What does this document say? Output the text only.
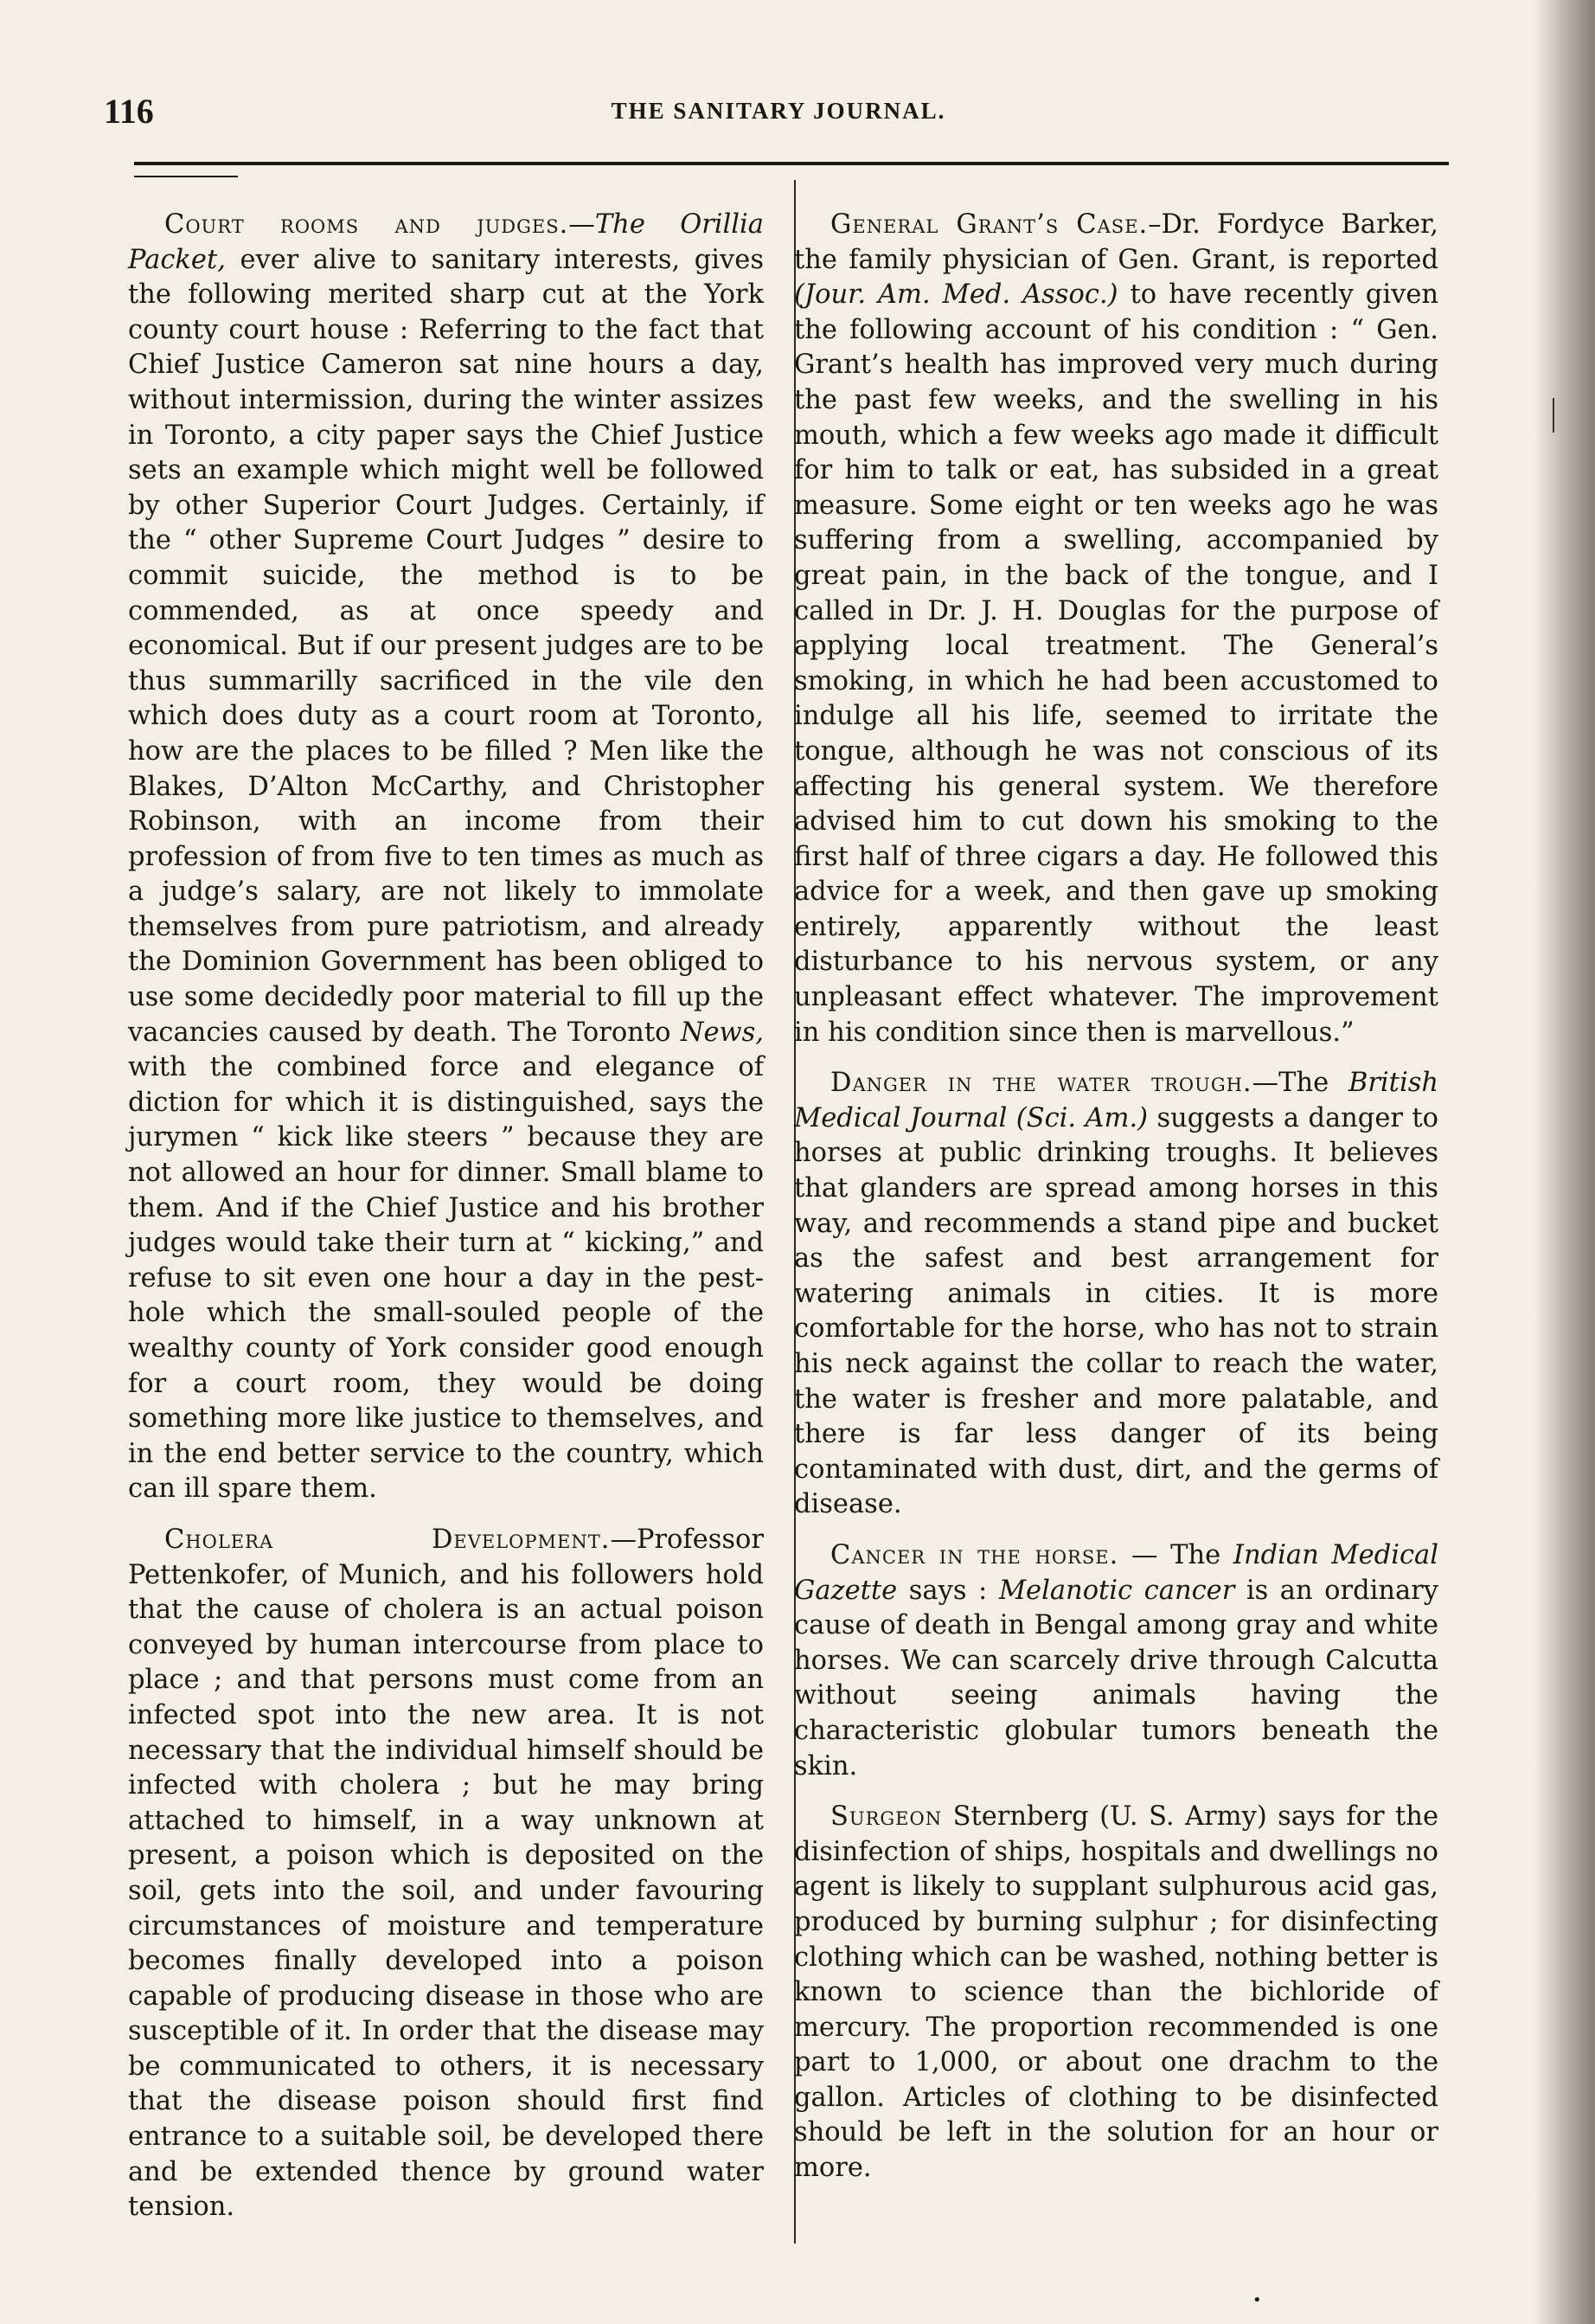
116	THE SANITARY JOURNAL.

Court rooms and judges.—The Orillia Packet, ever alive to sanitary interests, gives the following merited sharp cut at the York county court house : Referring to the fact that Chief Justice Cameron sat nine hours a day, without intermission, during the winter assizes in Toronto, a city paper says the Chief Justice sets an example which might well be followed by other Superior Court Judges. Certainly, if the “ other Supreme Court Judges ” desire to commit suicide, the method is to be commended, as at once speedy and economical. But if our present judges are to be thus summarilly sacrificed in the vile den which does duty as a court room at Toronto, how are the places to be filled ? Men like the Blakes, D’Alton McCarthy, and Christopher Robinson, with an income from their profession of from five to ten times as much as a judge’s salary, are not likely to immolate themselves from pure patriotism, and already the Dominion Government has been obliged to use some decidedly poor material to fill up the vacancies caused by death. The Toronto News, with the combined force and elegance of diction for which it is distinguished, says the jurymen “ kick like steers ” because they are not allowed an hour for dinner. Small blame to them. And if the Chief Justice and his brother judges would take their turn at “ kicking,” and refuse to sit even one hour a day in the pest-hole which the small-souled people of the wealthy county of York consider good enough for a court room, they would be doing something more like justice to themselves, and in the end better service to the country, which can ill spare them.

Cholera Development.—Professor Pettenkofer, of Munich, and his followers hold that the cause of cholera is an actual poison conveyed by human intercourse from place to place ; and that persons must come from an infected spot into the new area. It is not necessary that the individual himself should be infected with cholera ; but he may bring attached to himself, in a way unknown at present, a poison which is deposited on the soil, gets into the soil, and under favouring circumstances of moisture and temperature becomes finally developed into a poison capable of producing disease in those who are susceptible of it. In order that the disease may be communicated to others, it is necessary that the disease poison should first find entrance to a suitable soil, be developed there and be extended thence by ground water tension.

General Grant’s Case.–Dr. Fordyce Barker, the family physician of Gen. Grant, is reported (Jour. Am. Med. Assoc.) to have recently given the following account of his condition : “ Gen. Grant’s health has improved very much during the past few weeks, and the swelling in his mouth, which a few weeks ago made it difficult for him to talk or eat, has subsided in a great measure. Some eight or ten weeks ago he was suffering from a swelling, accompanied by great pain, in the back of the tongue, and I called in Dr. J. H. Douglas for the purpose of applying local treatment. The General’s smoking, in which he had been accustomed to indulge all his life, seemed to irritate the tongue, although he was not conscious of its affecting his general system. We therefore advised him to cut down his smoking to the first half of three cigars a day. He followed this advice for a week, and then gave up smoking entirely, apparently without the least disturbance to his nervous system, or any unpleasant effect whatever. The improvement in his condition since then is marvellous.”

Danger in the water trough.—The British Medical Journal (Sci. Am.) suggests a danger to horses at public drinking troughs. It believes that glanders are spread among horses in this way, and recommends a stand pipe and bucket as the safest and best arrangement for watering animals in cities. It is more comfortable for the horse, who has not to strain his neck against the collar to reach the water, the water is fresher and more palatable, and there is far less danger of its being contaminated with dust, dirt, and the germs of disease.

Cancer in the horse. — The Indian Medical Gazette says : Melanotic cancer is an ordinary cause of death in Bengal among gray and white horses. We can scarcely drive through Calcutta without seeing animals having the characteristic globular tumors beneath the skin.

Surgeon Sternberg (U. S. Army) says for the disinfection of ships, hospitals and dwellings no agent is likely to supplant sulphurous acid gas, produced by burning sulphur ; for disinfecting clothing which can be washed, nothing better is known to science than the bichloride of mercury. The proportion recommended is one part to 1,000, or about one drachm to the gallon. Articles of clothing to be disinfected should be left in the solution for an hour or more.

•
